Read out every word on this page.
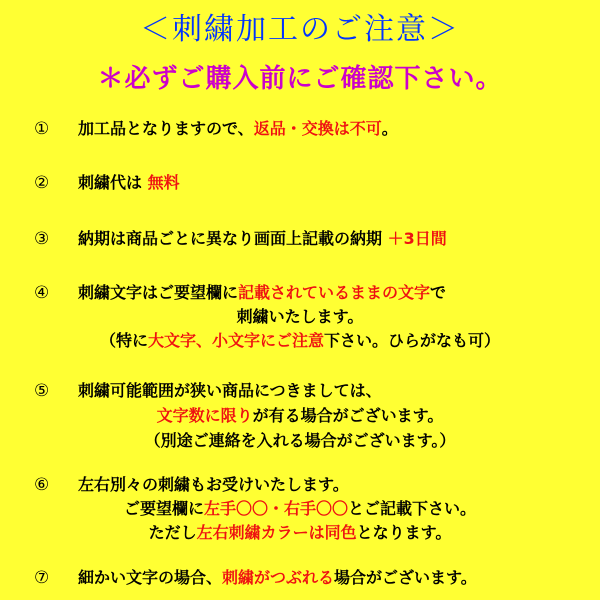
＜刺繍加工のご注意＞
＊必ずご購入前にご確認下さい。
① 加工品となりますので、返品・交換は不可。
② 刺繍代は 無料
③ 納期は商品ごとに異なり画面上記載の納期 ＋3日間
④ 刺繍文字はご要望欄に記載されているままの文字で
刺繍いたします。
（特に大文字、小文字にご注意下さい。ひらがなも可）
⑤ 刺繍可能範囲が狭い商品につきましては、
文字数に限りが有る場合がございます。
（別途ご連絡を入れる場合がございます。）
⑥ 左右別々の刺繍もお受けいたします。
ご要望欄に左手〇〇・右手〇〇とご記載下さい。
ただし左右刺繍カラーは同色となります。
⑦ 細かい文字の場合、刺繍がつぶれる場合がございます。
